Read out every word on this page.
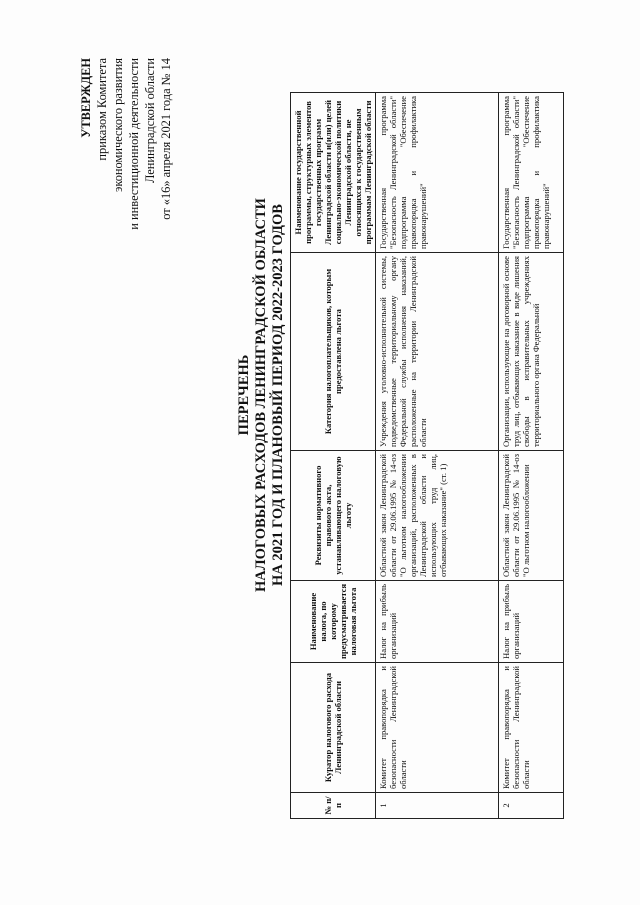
УТВЕРЖДЕН приказом Комитета экономического развития и инвестиционной деятельности Ленинградской области от «16» апреля 2021 года № 14
ПЕРЕЧЕНЬ НАЛОГОВЫХ РАСХОДОВ ЛЕНИНГРАДСКОЙ ОБЛАСТИ НА 2021 ГОД И ПЛАНОВЫЙ ПЕРИОД 2022-2023 ГОДОВ
№ п/п	Куратор налогового расхода Ленинградской области	Наименование налога, по которому предусматривается налоговая льгота	Реквизиты нормативного правового акта, устанавливающего налоговую льготу	Категория налогоплательщиков, которым предоставлена льгота	Наименование государственной программы, структурных элементов государственных программ Ленинградской области и(или) целей социально-экономической политики Ленинградской области, не относящихся к государственным программам Ленинградской области
1	Комитет правопорядка и безопасности Ленинградской области	Налог на прибыль организаций	Областной закон Ленинградской области от 29.06.1995 № 14-оз "О льготном налогообложении организаций, расположенных в Ленинградской области и использующих труд лиц, отбывающих наказание" (ст. 1)	Учреждения уголовно-исполнительной системы, подведомственные территориальному органу Федеральной службы исполнения наказаний, расположенные на территории Ленинградской области	Государственная программа "Безопасность Ленинградской области" подпрограмма "Обеспечение правопорядка и профилактика правонарушений"
2	Комитет правопорядка и безопасности Ленинградской области	Налог на прибыль организаций	Областной закон Ленинградской области от 29.06.1995 № 14-оз "О льготном налогообложении	Организации, использующие на договорной основе труд лиц, отбывающих наказание в виде лишения свободы в исправительных учреждениях территориального органа Федеральной	Государственная программа "Безопасность Ленинградской области" подпрограмма "Обеспечение правопорядка и профилактика правонарушений"
